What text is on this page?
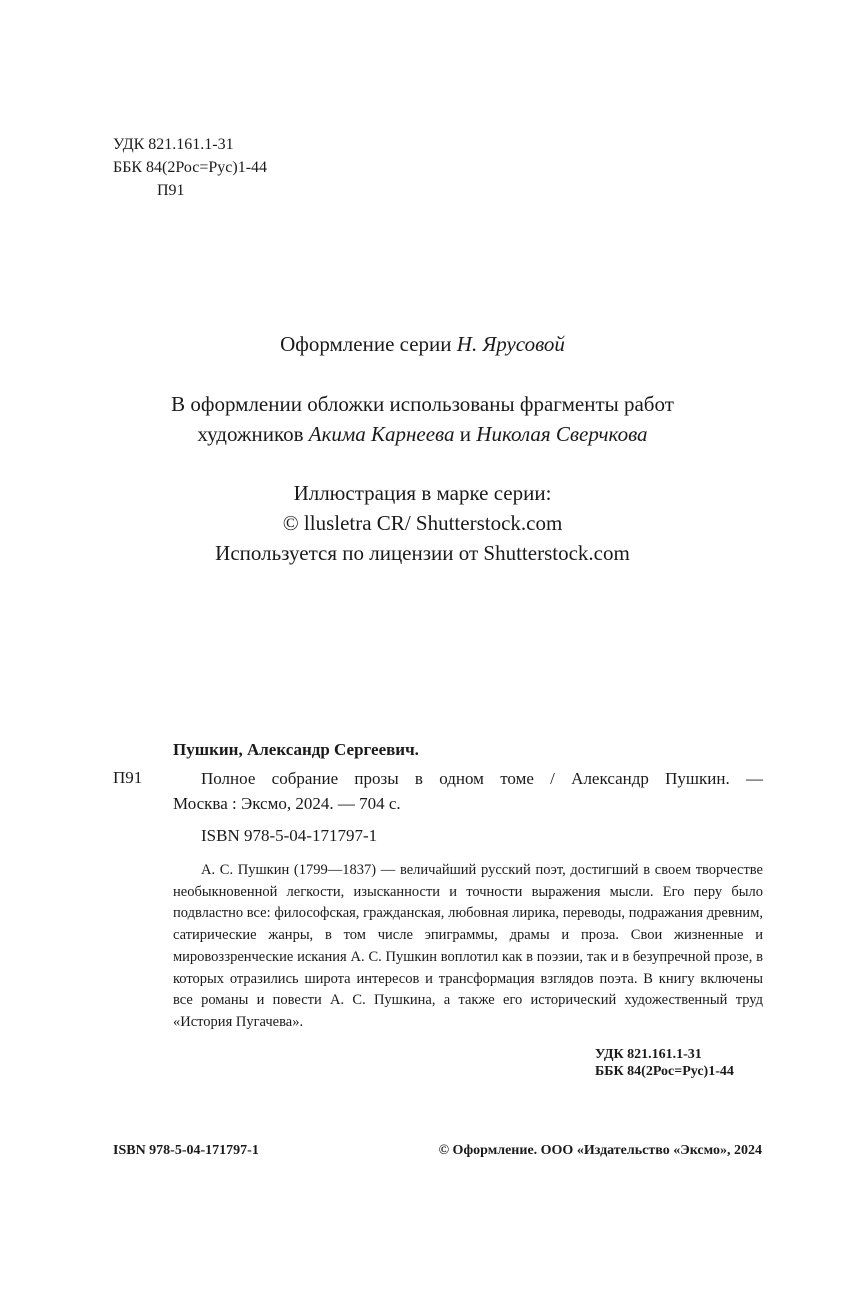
УДК 821.161.1-31
ББК 84(2Рос=Рус)1-44
П91
Оформление серии Н. Ярусовой
В оформлении обложки использованы фрагменты работ
художников Акима Карнеева и Николая Сверчкова
Иллюстрация в марке серии:
© llusletra CR/ Shutterstock.com
Используется по лицензии от Shutterstock.com
Пушкин, Александр Сергеевич.
П91	Полное собрание прозы в одном томе / Александр Пушкин. —
Москва : Эксмо, 2024. — 704 с.
ISBN 978-5-04-171797-1
А. С. Пушкин (1799—1837) — величайший русский поэт, достигший в своем творчестве необыкновенной легкости, изысканности и точности выражения мысли. Его перу было подвластно все: философская, гражданская, любовная лирика, переводы, подражания древним, сатирические жанры, в том числе эпиграммы, драмы и проза. Свои жизненные и мировоззренческие искания А. С. Пушкин воплотил как в поэзии, так и в безупречной прозе, в которых отразились широта интересов и трансформация взглядов поэта. В книгу включены все романы и повести А. С. Пушкина, а также его исторический художественный труд «История Пугачева».
УДК 821.161.1-31
ББК 84(2Рос=Рус)1-44
ISBN 978-5-04-171797-1	© Оформление. ООО «Издательство «Эксмо», 2024
